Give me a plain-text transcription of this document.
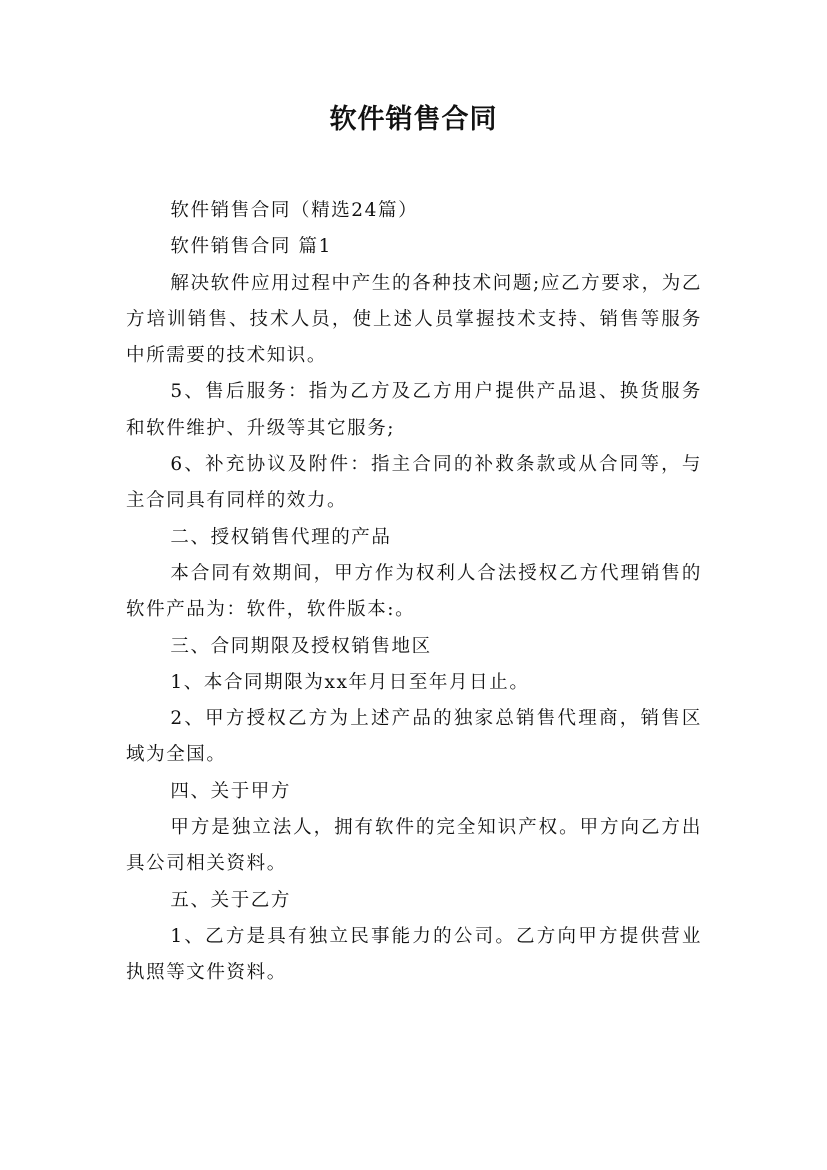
软件销售合同

软件销售合同（精选24篇）

软件销售合同 篇1

解决软件应用过程中产生的各种技术问题;应乙方要求，为乙方培训销售、技术人员，使上述人员掌握技术支持、销售等服务中所需要的技术知识。

5、售后服务：指为乙方及乙方用户提供产品退、换货服务和软件维护、升级等其它服务;

6、补充协议及附件：指主合同的补救条款或从合同等，与主合同具有同样的效力。

二、授权销售代理的产品

本合同有效期间，甲方作为权利人合法授权乙方代理销售的软件产品为：软件，软件版本:。

三、合同期限及授权销售地区

1、本合同期限为xx年月日至年月日止。

2、甲方授权乙方为上述产品的独家总销售代理商，销售区域为全国。

四、关于甲方

甲方是独立法人，拥有软件的完全知识产权。甲方向乙方出具公司相关资料。

五、关于乙方

1、乙方是具有独立民事能力的公司。乙方向甲方提供营业执照等文件资料。
